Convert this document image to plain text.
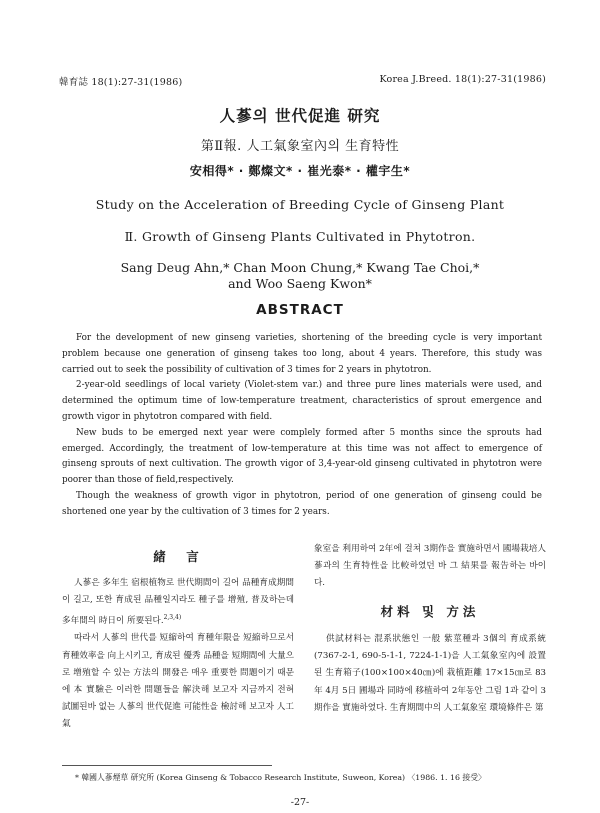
韓育誌 18(1):27-31(1986)	Korea J.Breed. 18(1):27-31(1986)
人蔘의 世代促進 研究
第Ⅱ報. 人工氣象室內의 生育特性
安相得* · 鄭燦文* · 崔光泰* · 權宇生*
Study on the Acceleration of Breeding Cycle of Ginseng Plant
Ⅱ. Growth of Ginseng Plants Cultivated in Phytotron.
Sang Deug Ahn,* Chan Moon Chung,* Kwang Tae Choi,*
and Woo Saeng Kwon*
ABSTRACT

For the development of new ginseng varieties, shortening of the breeding cycle is very important problem because one generation of ginseng takes too long, about 4 years. Therefore, this study was carried out to seek the possibility of cultivation of 3 times for 2 years in phytotron.

2-year-old seedlings of local variety (Violet-stem var.) and three pure lines materials were used, and determined the optimum time of low-temperature treatment, characteristics of sprout emergence and growth vigor in phytotron compared with field.

New buds to be emerged next year were complely formed after 5 months since the sprouts had emerged. Accordingly, the treatment of low-temperature at this time was not affect to emergence of ginseng sprouts of next cultivation. The growth vigor of 3,4-year-old ginseng cultivated in phytotron were poorer than those of field,respectively.

Though the weakness of growth vigor in phytotron, period of one generation of ginseng could be shortened one year by the cultivation of 3 times for 2 years.

緒　言

人蔘은 多年生 宿根植物로 世代期間이 길어 品種育成期間이 길고, 또한 育成된 品種일지라도 種子를 增殖, 普及하는데 多年間의 時日이 所要된다.$^{2,3,4)}$

따라서 人蔘의 世代를 短縮하여 育種年限을 短縮하므로서 育種效率을 向上시키고, 育成된 優秀 品種을 短期間에 大量으로 增殖할 수 있는 方法의 開發은 매우 重要한 問題이기 때문에 本 實驗은 이러한 問題들을 解決해 보고자 지금까지 전혀 試圖된바 없는 人蔘의 世代促進 可能性을 檢討해 보고자 人工氣

象室을 利用하여 2年에 걸쳐 3期作을 實施하면서 國場栽培人蔘과의 生育特性을 比較하였던 바 그 結果를 報告하는 바이다.

材料 및 方法

供試材料는 混系狀態인 一般 紫莖種과 3個의 育成系統(7367-2-1, 690-5-1-1, 7224-1-1)을 人工氣象室內에 設置된 生育箱子(100×100×40㎝)에 栽植距離 17×15㎝로 83年 4月 5日 圃場과 同時에 移植하여 2年동안 그림 1과 같이 3期作을 實施하였다. 生育期間中의 人工氣象室 環境條件은 第

* 韓國人蔘煙草 研究所 (Korea Ginseng & Tobacco Research Institute, Suweon, Korea) 〈1986. 1. 16 接受〉
-27-
